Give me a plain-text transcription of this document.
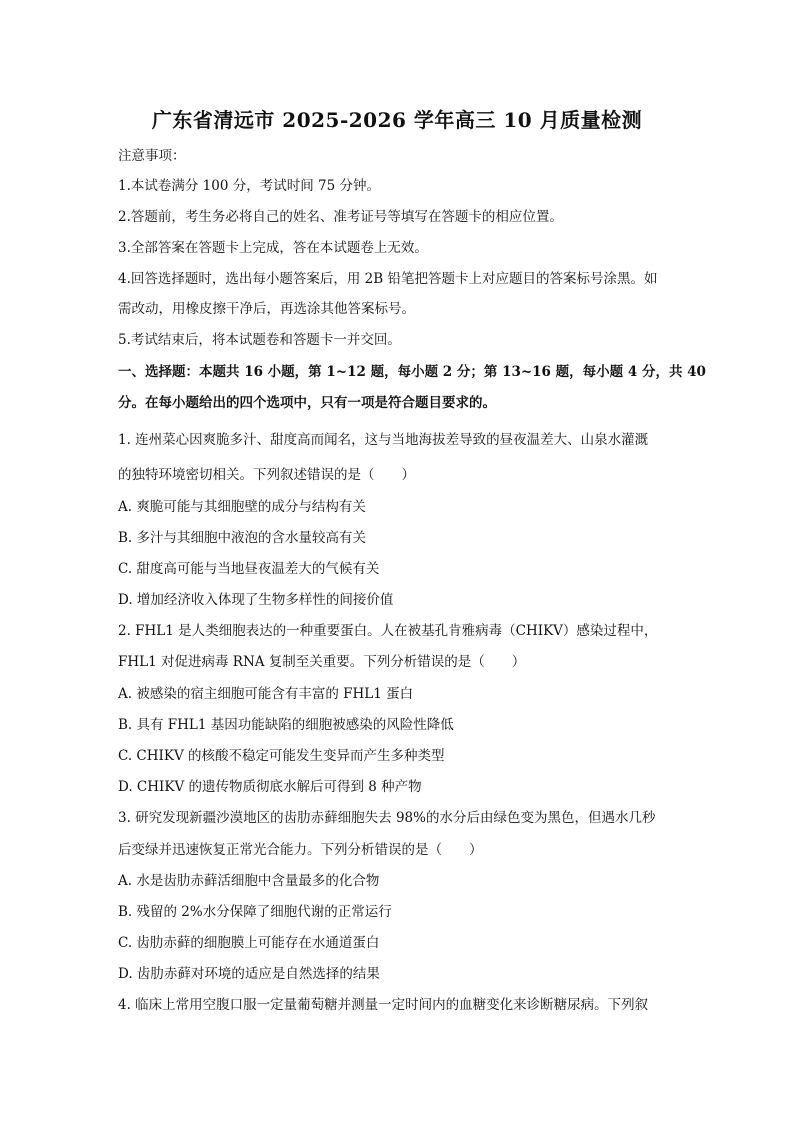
广东省清远市 2025-2026 学年高三 10 月质量检测
注意事项：
1.本试卷满分 100 分，考试时间 75 分钟。
2.答题前，考生务必将自己的姓名、准考证号等填写在答题卡的相应位置。
3.全部答案在答题卡上完成，答在本试题卷上无效。
4.回答选择题时，选出每小题答案后，用 2B 铅笔把答题卡上对应题目的答案标号涂黑。如
需改动，用橡皮擦干净后，再选涂其他答案标号。
5.考试结束后，将本试题卷和答题卡一并交回。
一、选择题：本题共 16 小题，第 1~12 题，每小题 2 分；第 13~16 题，每小题 4 分，共 40
分。在每小题给出的四个选项中，只有一项是符合题目要求的。
1. 连州菜心因爽脆多汁、甜度高而闻名，这与当地海拔差导致的昼夜温差大、山泉水灌溉
的独特环境密切相关。下列叙述错误的是（　　）
A. 爽脆可能与其细胞壁的成分与结构有关
B. 多汁与其细胞中液泡的含水量较高有关
C. 甜度高可能与当地昼夜温差大的气候有关
D. 增加经济收入体现了生物多样性的间接价值
2. FHL1 是人类细胞表达的一种重要蛋白。人在被基孔肯雅病毒（CHIKV）感染过程中，
FHL1 对促进病毒 RNA 复制至关重要。下列分析错误的是（　　）
A. 被感染的宿主细胞可能含有丰富的 FHL1 蛋白
B. 具有 FHL1 基因功能缺陷的细胞被感染的风险性降低
C. CHIKV 的核酸不稳定可能发生变异而产生多种类型
D. CHIKV 的遗传物质彻底水解后可得到 8 种产物
3. 研究发现新疆沙漠地区的齿肋赤藓细胞失去 98%的水分后由绿色变为黑色，但遇水几秒
后变绿并迅速恢复正常光合能力。下列分析错误的是（　　）
A. 水是齿肋赤藓活细胞中含量最多的化合物
B. 残留的 2%水分保障了细胞代谢的正常运行
C. 齿肋赤藓的细胞膜上可能存在水通道蛋白
D. 齿肋赤藓对环境的适应是自然选择的结果
4. 临床上常用空腹口服一定量葡萄糖并测量一定时间内的血糖变化来诊断糖尿病。下列叙
